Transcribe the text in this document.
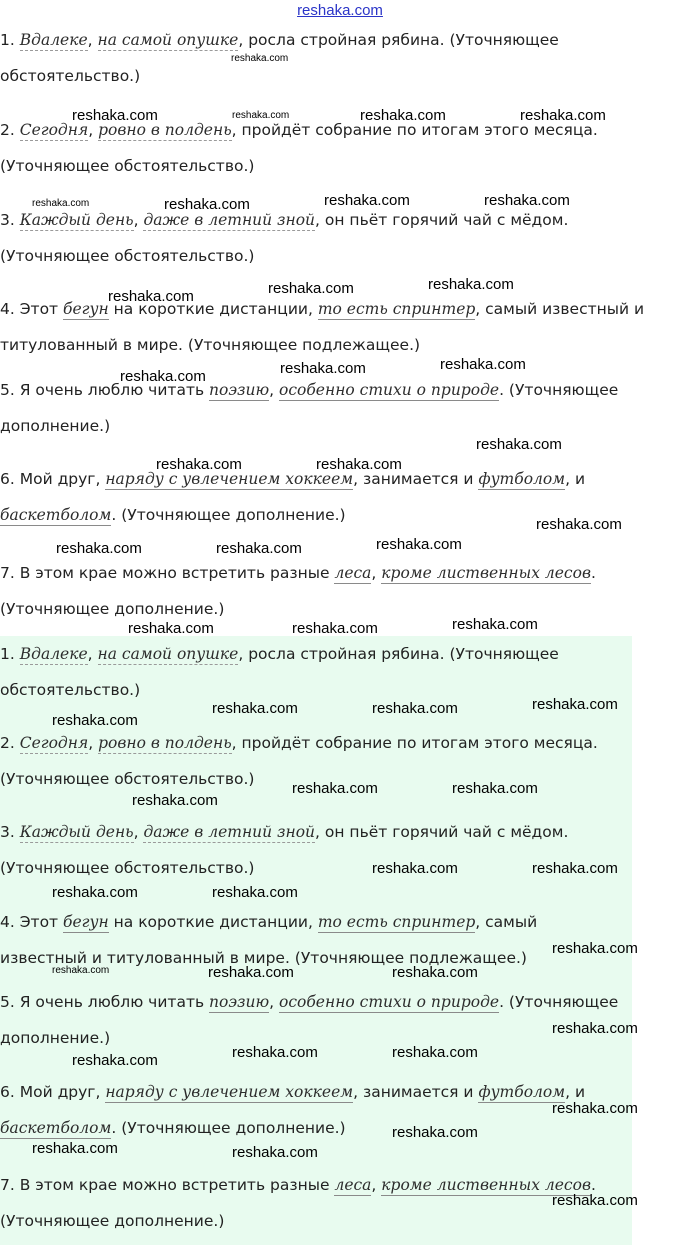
reshaka.com
1. Вдалеке, на самой опушке, росла стройная рябина. (Уточняющее обстоятельство.)
2. Сегодня, ровно в полдень, пройдёт собрание по итогам этого месяца. (Уточняющее обстоятельство.)
3. Каждый день, даже в летний зной, он пьёт горячий чай с мёдом. (Уточняющее обстоятельство.)
4. Этот бегун на короткие дистанции, то есть спринтер, самый известный и титулованный в мире. (Уточняющее подлежащее.)
5. Я очень люблю читать поэзию, особенно стихи о природе. (Уточняющее дополнение.)
6. Мой друг, наряду с увлечением хоккеем, занимается и футболом, и баскетболом. (Уточняющее дополнение.)
7. В этом крае можно встретить разные леса, кроме лиственных лесов. (Уточняющее дополнение.)
1. Вдалеке, на самой опушке, росла стройная рябина. (Уточняющее обстоятельство.)
2. Сегодня, ровно в полдень, пройдёт собрание по итогам этого месяца. (Уточняющее обстоятельство.)
3. Каждый день, даже в летний зной, он пьёт горячий чай с мёдом. (Уточняющее обстоятельство.)
4. Этот бегун на короткие дистанции, то есть спринтер, самый известный и титулованный в мире. (Уточняющее подлежащее.)
5. Я очень люблю читать поэзию, особенно стихи о природе. (Уточняющее дополнение.)
6. Мой друг, наряду с увлечением хоккеем, занимается и футболом, и баскетболом. (Уточняющее дополнение.)
7. В этом крае можно встретить разные леса, кроме лиственных лесов. (Уточняющее дополнение.)
reshaka.com
reshaka.com	reshaka.com	reshaka.com	reshaka.com
reshaka.com	reshaka.com	reshaka.com	reshaka.com
reshaka.com	reshaka.com
reshaka.com
reshaka.com	reshaka.com
reshaka.com
reshaka.com
reshaka.com	reshaka.com
reshaka.com
reshaka.com	reshaka.com	reshaka.com
reshaka.com	reshaka.com	reshaka.com
reshaka.com	reshaka.com	reshaka.com
reshaka.com
reshaka.com	reshaka.com
reshaka.com
reshaka.com	reshaka.com
reshaka.com	reshaka.com
reshaka.com
reshaka.com	reshaka.com	reshaka.com
reshaka.com
reshaka.com	reshaka.com
reshaka.com
reshaka.com
reshaka.com
reshaka.com
reshaka.com
reshaka.com
